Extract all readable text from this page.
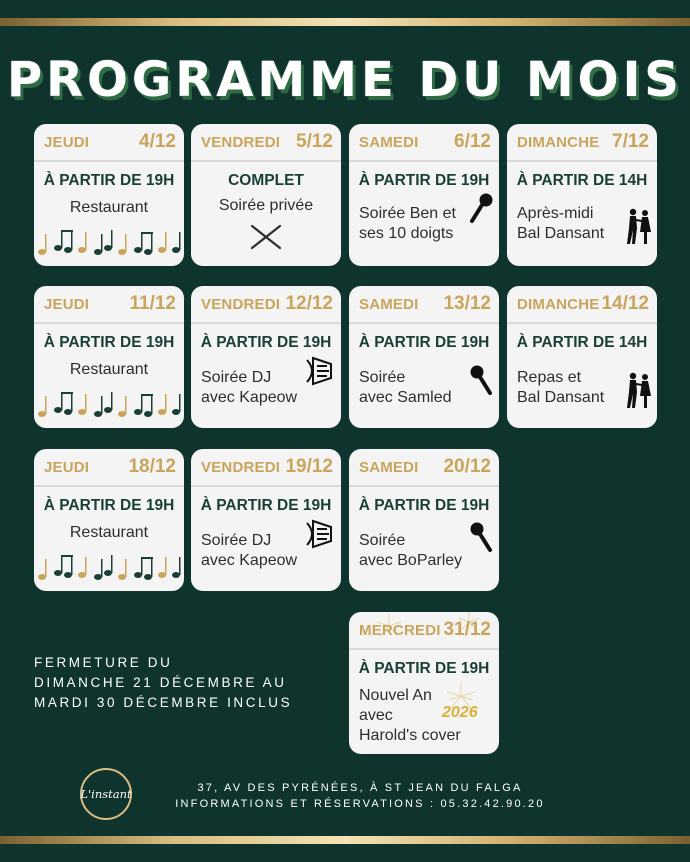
PROGRAMME DU MOIS
JEUDI	4/12
À PARTIR DE 19H
Restaurant
VENDREDI 5/12
COMPLET
Soirée privée
SAMEDI 6/12
À PARTIR DE 19H
Soirée Ben et
ses 10 doigts
DIMANCHE 7/12
À PARTIR DE 14H
Après-midi
Bal Dansant
JEUDI 11/12
À PARTIR DE 19H
Restaurant
VENDREDI 12/12
À PARTIR DE 19H
Soirée DJ
avec Kapeow
SAMEDI 13/12
À PARTIR DE 19H
Soirée
avec Samled
DIMANCHE 14/12
À PARTIR DE 14H
Repas et
Bal Dansant
JEUDI 18/12
À PARTIR DE 19H
Restaurant
VENDREDI 19/12
À PARTIR DE 19H
Soirée DJ
avec Kapeow
SAMEDI 20/12
À PARTIR DE 19H
Soirée
avec BoParley
MERCREDI 31/12
À PARTIR DE 19H
Nouvel An
avec
Harold's cover
2026
FERMETURE DU
DIMANCHE 21 DÉCEMBRE AU
MARDI 30 DÉCEMBRE INCLUS
L'instant	37, AV DES PYRÉNÉES, À ST JEAN DU FALGA
INFORMATIONS ET RÉSERVATIONS : 05.32.42.90.20
